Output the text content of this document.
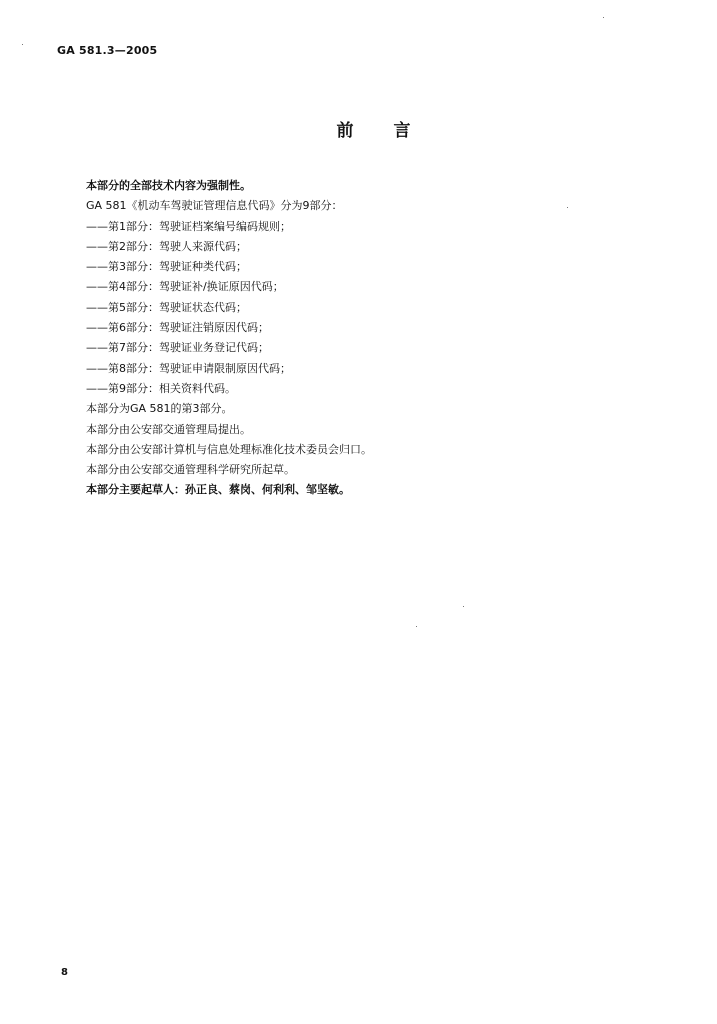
GA 581.3—2005
前 言
本部分的全部技术内容为强制性。
GA 581《机动车驾驶证管理信息代码》分为9部分：
——第1部分：驾驶证档案编号编码规则；
——第2部分：驾驶人来源代码；
——第3部分：驾驶证种类代码；
——第4部分：驾驶证补/换证原因代码；
——第5部分：驾驶证状态代码；
——第6部分：驾驶证注销原因代码；
——第7部分：驾驶证业务登记代码；
——第8部分：驾驶证申请限制原因代码；
——第9部分：相关资料代码。
本部分为GA 581的第3部分。
本部分由公安部交通管理局提出。
本部分由公安部计算机与信息处理标准化技术委员会归口。
本部分由公安部交通管理科学研究所起草。
本部分主要起草人：孙正良、蔡岗、何利利、邹坚敏。
8
